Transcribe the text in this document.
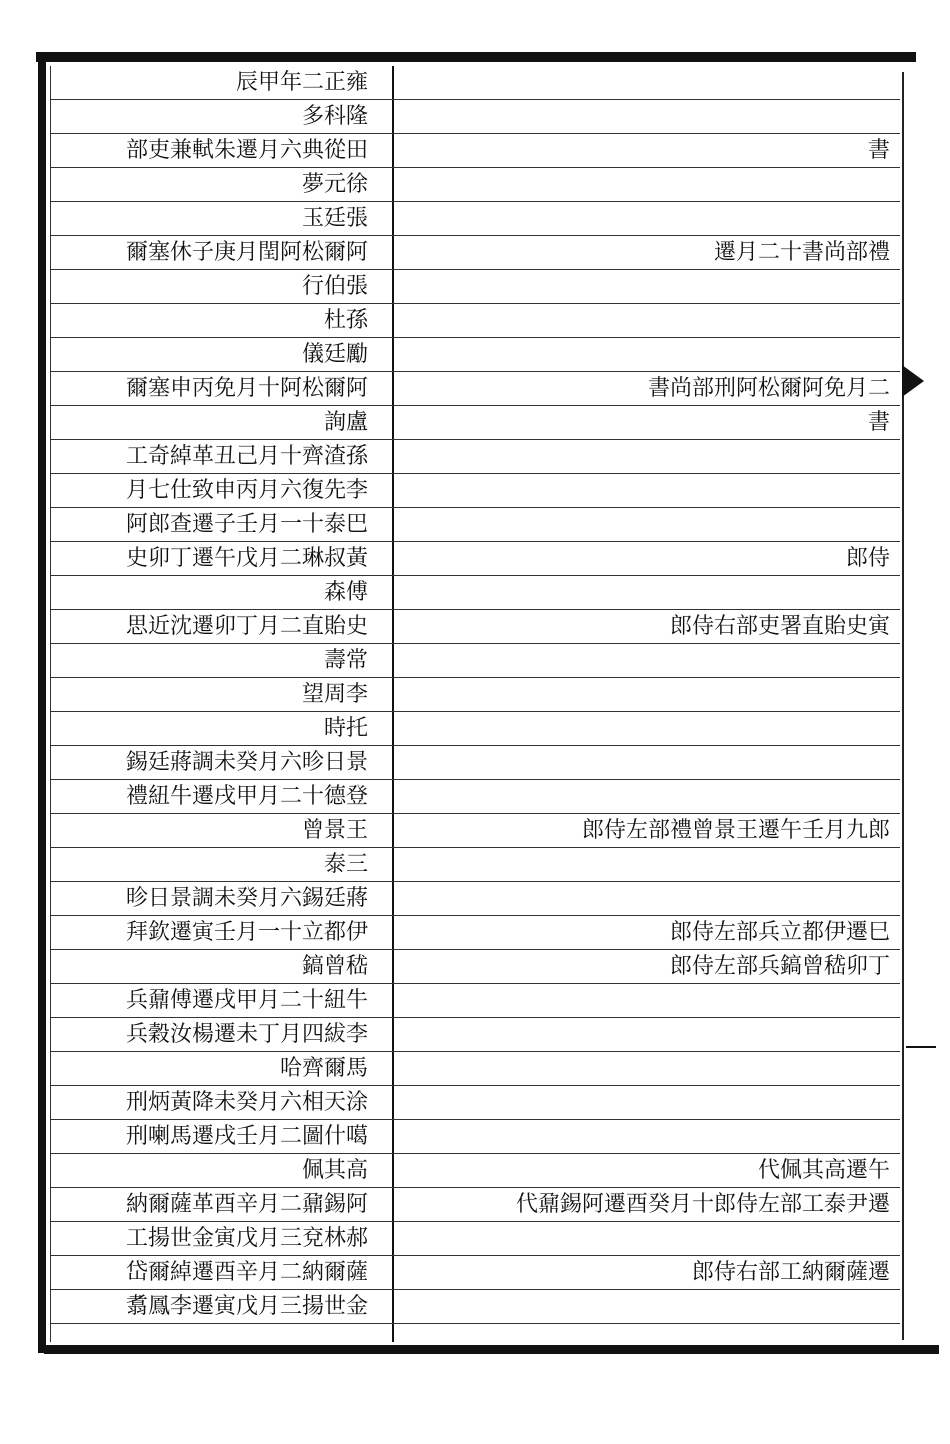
辰甲年二正雍
多科隆
部吏兼軾朱遷月六典從田	書
夢元徐
玉廷張
爾塞休子庚月閏阿松爾阿	遷月二十書尚部禮
行伯張
杜孫
儀廷勵
爾塞申丙免月十阿松爾阿	書尚部刑阿松爾阿免月二
詢盧	書
工奇綽革丑己月十齊渣孫
月七仕致申丙月六復先李
阿郎查遷子壬月一十泰巴
史卯丁遷午戊月二琳叔黃	郎侍
森傅
思近沈遷卯丁月二直貽史	郎侍右部吏署直貽史寅
壽常
望周李
時托
錫廷蔣調未癸月六昣日景
禮紐牛遷戌甲月二十德登
曾景王	郎侍左部禮曾景王遷午壬月九郎
泰三
昣日景調未癸月六錫廷蔣
拜欽遷寅壬月一十立都伊	郎侍左部兵立都伊遷巳
鎬曾嵇	郎侍左部兵鎬曾嵇卯丁
兵鼐傅遷戌甲月二十紐牛
兵穀汝楊遷未丁月四紱李
哈齊爾馬
刑炳黃降未癸月六相天涂
刑喇馬遷戌壬月二圖什噶
佩其高	代佩其高遷午
納爾薩革酉辛月二鼐錫阿	代鼐錫阿遷酉癸月十郎侍左部工泰尹遷
工揚世金寅戊月三兗林郝
岱爾綽遷酉辛月二納爾薩	郎侍右部工納爾薩遷
翥鳳李遷寅戊月三揚世金
